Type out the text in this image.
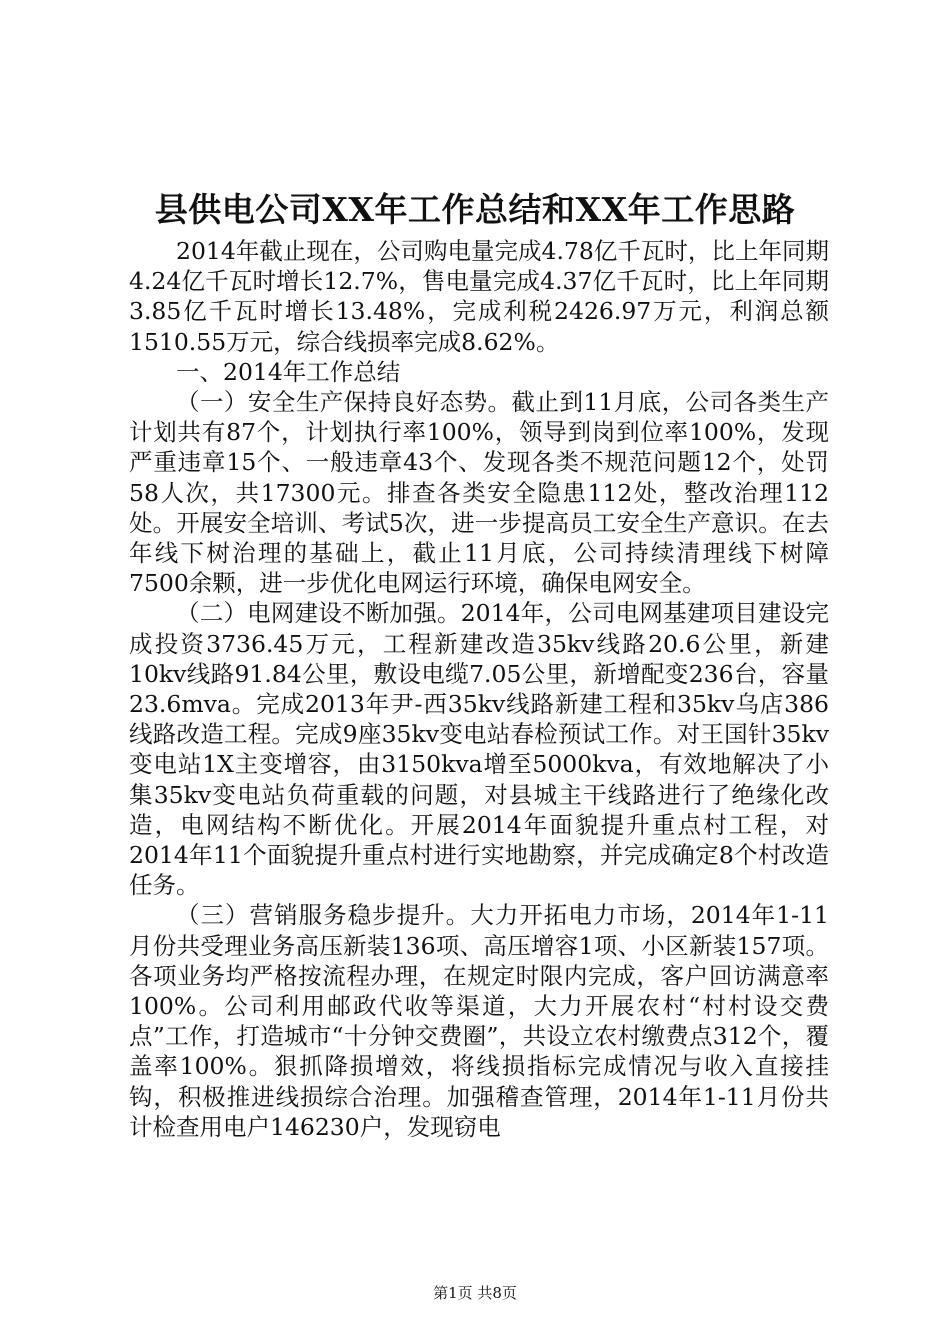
县供电公司XX年工作总结和XX年工作思路

2014年截止现在，公司购电量完成4.78亿千瓦时，比上年同期4.24亿千瓦时增长12.7%，售电量完成4.37亿千瓦时，比上年同期3.85亿千瓦时增长13.48%，完成利税2426.97万元，利润总额1510.55万元，综合线损率完成8.62%。

一、2014年工作总结

（一）安全生产保持良好态势。截止到11月底，公司各类生产计划共有87个，计划执行率100%，领导到岗到位率100%，发现严重违章15个、一般违章43个、发现各类不规范问题12个，处罚58人次，共17300元。排查各类安全隐患112处，整改治理112处。开展安全培训、考试5次，进一步提高员工安全生产意识。在去年线下树治理的基础上，截止11月底，公司持续清理线下树障7500余颗，进一步优化电网运行环境，确保电网安全。

（二）电网建设不断加强。2014年，公司电网基建项目建设完成投资3736.45万元，工程新建改造35kv线路20.6公里，新建10kv线路91.84公里，敷设电缆7.05公里，新增配变236台，容量23.6mva。完成2013年尹-西35kv线路新建工程和35kv乌店386线路改造工程。完成9座35kv变电站春检预试工作。对王国针35kv变电站1X主变增容，由3150kva增至5000kva，有效地解决了小集35kv变电站负荷重载的问题，对县城主干线路进行了绝缘化改造，电网结构不断优化。开展2014年面貌提升重点村工程，对2014年11个面貌提升重点村进行实地勘察，并完成确定8个村改造任务。

（三）营销服务稳步提升。大力开拓电力市场，2014年1-11月份共受理业务高压新装136项、高压增容1项、小区新装157项。各项业务均严格按流程办理，在规定时限内完成，客户回访满意率100%。公司利用邮政代收等渠道，大力开展农村“村村设交费点”工作，打造城市“十分钟交费圈”，共设立农村缴费点312个，覆盖率100%。狠抓降损增效，将线损指标完成情况与收入直接挂钩，积极推进线损综合治理。加强稽查管理，2014年1-11月份共计检查用电户146230户，发现窃电

第1页 共8页
